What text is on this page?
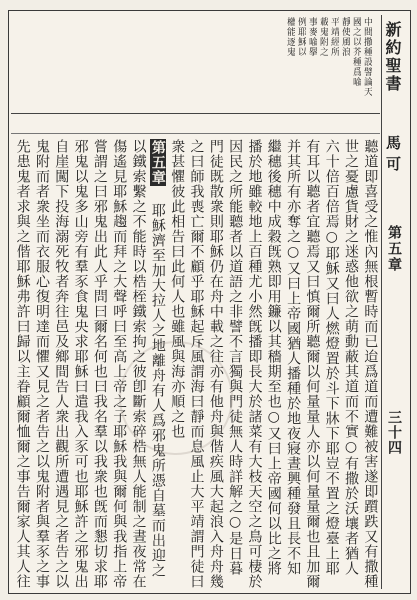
新約聖書
馬可
第五章
三十四
中間撒種設譬論天
國之以芥種爲喩
靜使風浪
平靖經所
載鬼附之
事麥喩擧
例耶穌以
權能逐鬼
聽道即喜受之惟內無根暫時而已迨爲道而遭難被害遂即躓跌又有撒種
世之憂慮貨財之迷惑他欲之萌動蔽其道而不實○有撒於沃壤者猶人
六十倍百倍焉○耶穌又曰人燃燈置於斗下牀下耶豈不置之燈臺上耶
有耳以聽者宜聽焉又曰慎爾所聽爾以何量量人亦以何量量爾也且加爾
并其所有亦奪之○又曰上帝國猶人播種於地夜寢晝興種發且長不知
繼穗後穗中成穀旣熟即用鐮以其穡期至也○又曰上帝國何以比之將
播於地雖較地上百種尤小然旣播即長大於諸菜有大枝天空之鳥可棲於
因民之所能聽者以道語之非譬不言獨與門徒無人時詳解之○是日暮
門徒既散衆則耶穌仍在舟中載之往亦有他舟與偕疾風大起浪入舟舟幾
之曰師我喪亡爾不顧乎耶穌起斥風謂海曰靜而息風止大平靖謂門徒曰
衆甚懼彼此相告曰此何人也雖風與海亦順之也
第五章 耶穌濟至加大拉人之地離舟有人爲邪鬼所憑自墓而出迎之
以鐵索繫之不能時以梏桎鐵索拘之彼卽斷索碎梏無人能制之晝夜常在
傷遙見耶穌趨而拜之大聲呼曰至高上帝之子耶穌我與爾何與我指上帝
嘗謂之曰邪鬼出此人乎問曰爾名何也曰我名羣以我衆也旣而懇切求耶
邪鬼以鬼多山旁有羣豕食鬼央求耶穌曰遣我入豕可也耶穌許之邪鬼出
自崖闖下投海溺死牧者奔往邑及鄉間告人衆出觀所遭遇見之者告之以
鬼附而者衆坐而衣服心復明達而懼又見之者告之以鬼附者與羣豕之事
先患鬼者求與之偕耶穌弗許曰歸以主眷顧爾恤爾之事告爾家人其人往
